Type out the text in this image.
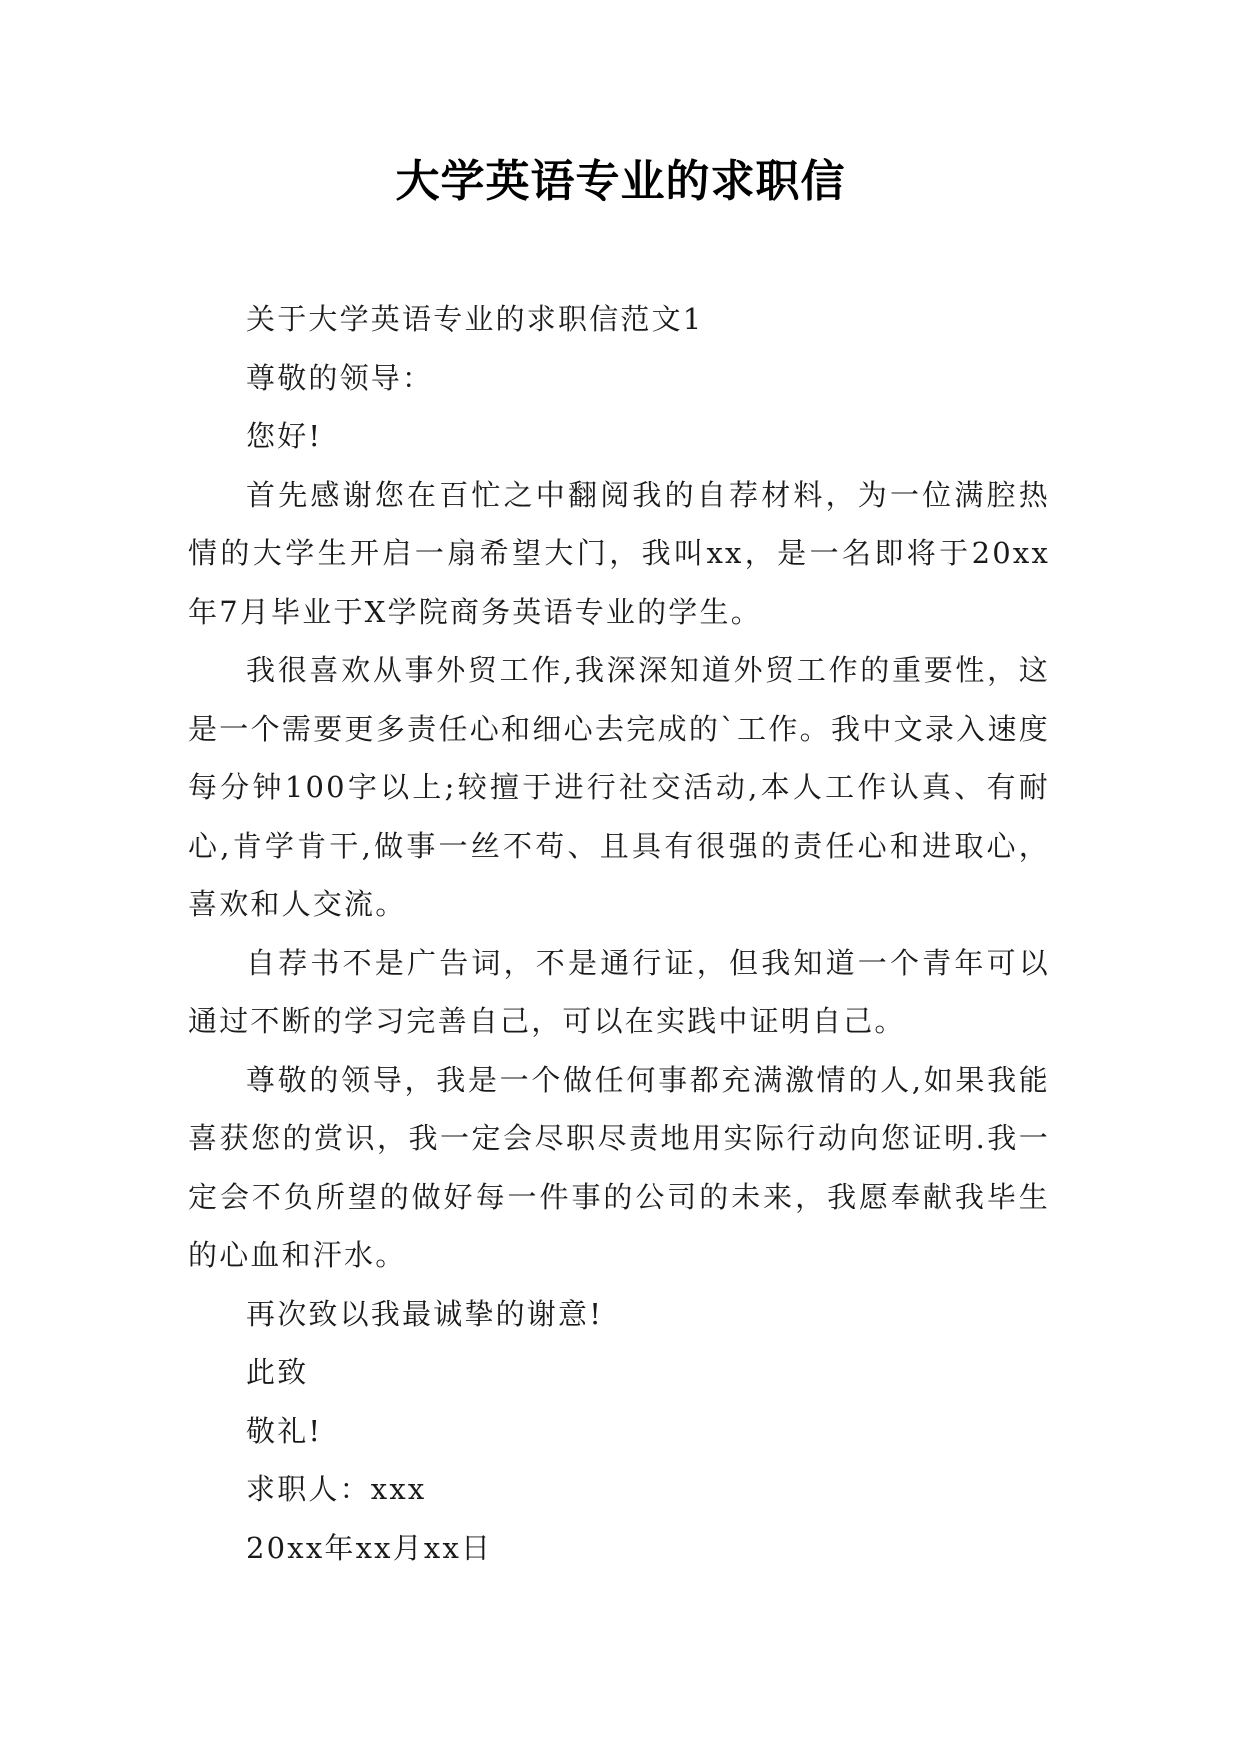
大学英语专业的求职信

关于大学英语专业的求职信范文1

尊敬的领导：

您好!

首先感谢您在百忙之中翻阅我的自荐材料，为一位满腔热情的大学生开启一扇希望大门，我叫xx，是一名即将于20xx年7月毕业于X学院商务英语专业的学生。

我很喜欢从事外贸工作,我深深知道外贸工作的重要性，这是一个需要更多责任心和细心去完成的`工作。我中文录入速度每分钟100字以上;较擅于进行社交活动,本人工作认真、有耐心,肯学肯干,做事一丝不苟、且具有很强的责任心和进取心，喜欢和人交流。

自荐书不是广告词，不是通行证，但我知道一个青年可以通过不断的学习完善自己，可以在实践中证明自己。

尊敬的领导，我是一个做任何事都充满激情的人,如果我能喜获您的赏识，我一定会尽职尽责地用实际行动向您证明.我一定会不负所望的做好每一件事的公司的未来，我愿奉献我毕生的心血和汗水。

再次致以我最诚挚的谢意!

此致

敬礼!

求职人：xxx

20xx年xx月xx日
